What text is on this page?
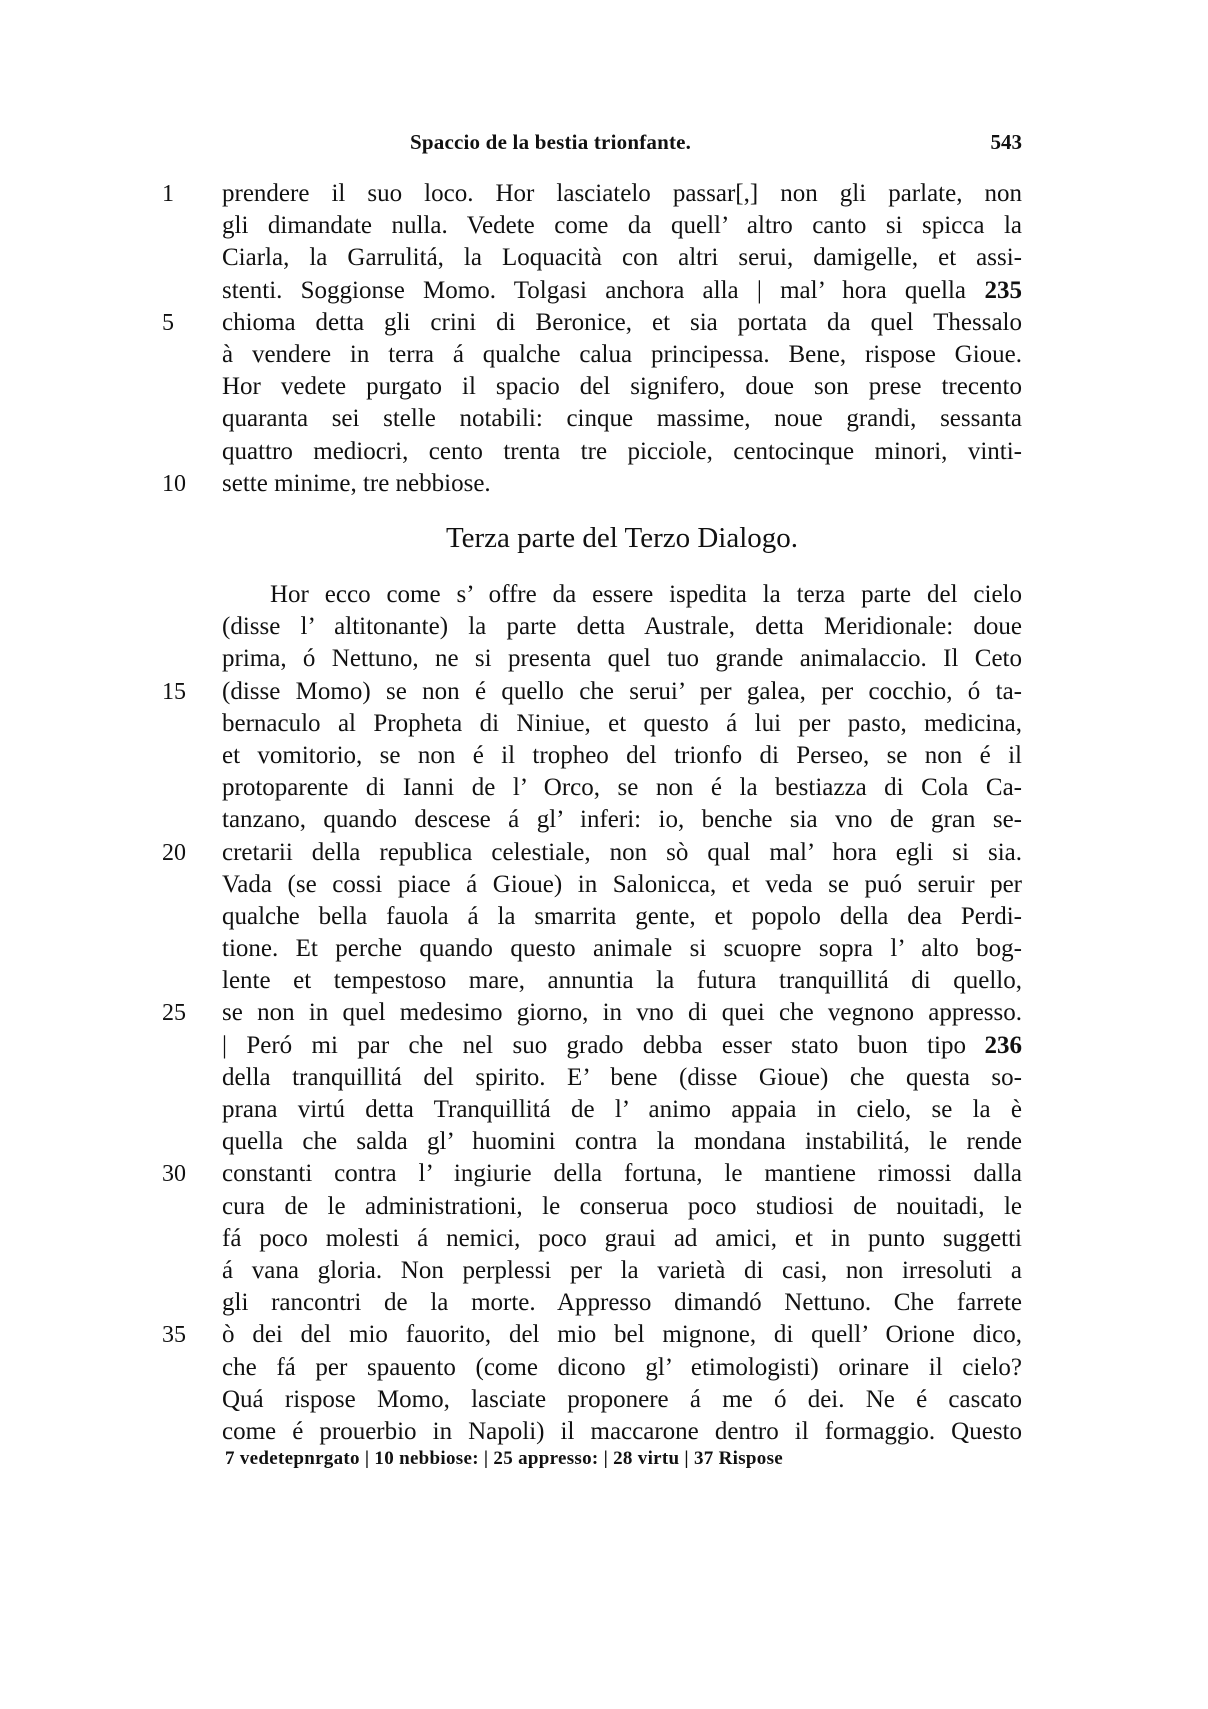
Spaccio de la bestia trionfante.	543
1	prendere il suo loco. Hor lasciatelo passar[,] non gli parlate, non
gli dimandate nulla. Vedete come da quell’ altro canto si spicca la
Ciarla, la Garrulitá, la Loquacità con altri serui, damigelle, et assi-
stenti. Soggionse Momo. Tolgasi anchora alla | mal’ hora quella 235
5	chioma detta gli crini di Beronice, et sia portata da quel Thessalo
à vendere in terra á qualche calua principessa. Bene, rispose Gioue.
Hor vedete purgato il spacio del signifero, doue son prese trecento
quaranta sei stelle notabili: cinque massime, noue grandi, sessanta
quattro mediocri, cento trenta tre picciole, centocinque minori, vinti-
10	sette minime, tre nebbiose.
Terza parte del Terzo Dialogo.
Hor ecco come s’ offre da essere ispedita la terza parte del cielo
(disse l’ altitonante) la parte detta Australe, detta Meridionale: doue
prima, ó Nettuno, ne si presenta quel tuo grande animalaccio. Il Ceto
15	(disse Momo) se non é quello che serui’ per galea, per cocchio, ó ta-
bernaculo al Propheta di Niniue, et questo á lui per pasto, medicina,
et vomitorio, se non é il tropheo del trionfo di Perseo, se non é il
protoparente di Ianni de l’ Orco, se non é la bestiazza di Cola Ca-
tanzano, quando descese á gl’ inferi: io, benche sia vno de gran se-
20	cretarii della republica celestiale, non sò qual mal’ hora egli si sia.
Vada (se cossi piace á Gioue) in Salonicca, et veda se puó seruir per
qualche bella fauola á la smarrita gente, et popolo della dea Perdi-
tione. Et perche quando questo animale si scuopre sopra l’ alto bog-
lente et tempestoso mare, annuntia la futura tranquillitá di quello,
25	se non in quel medesimo giorno, in vno di quei che vegnono appresso.
| Peró mi par che nel suo grado debba esser stato buon tipo 236
della tranquillitá del spirito. E’ bene (disse Gioue) che questa so-
prana virtú detta Tranquillitá de l’ animo appaia in cielo, se la è
quella che salda gl’ huomini contra la mondana instabilitá, le rende
30	constanti contra l’ ingiurie della fortuna, le mantiene rimossi dalla
cura de le administrationi, le conserua poco studiosi de nouitadi, le
fá poco molesti á nemici, poco graui ad amici, et in punto suggetti
á vana gloria. Non perplessi per la varietà di casi, non irresoluti a
gli rancontri de la morte. Appresso dimandó Nettuno. Che farrete
35	ò dei del mio fauorito, del mio bel mignone, di quell’ Orione dico,
che fá per spauento (come dicono gl’ etimologisti) orinare il cielo?
Quá rispose Momo, lasciate proponere á me ó dei. Ne é cascato
come é prouerbio in Napoli) il maccarone dentro il formaggio. Questo
7 vedetepnrgato | 10 nebbiose: | 25 appresso: | 28 virtu | 37 Rispose
